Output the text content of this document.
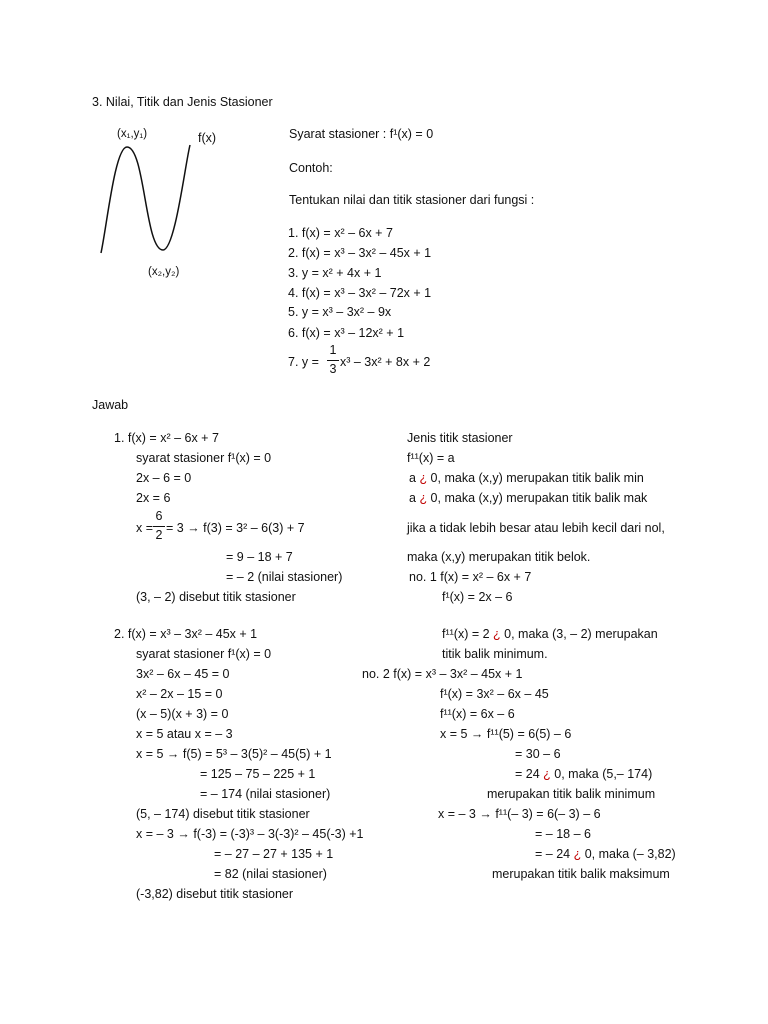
3. Nilai, Titik dan Jenis Stasioner
(x₁,y₁)	f(x)
(x₂,y₂)
Syarat stasioner : f¹(x) = 0
Contoh:
Tentukan nilai dan titik stasioner dari fungsi :
1. f(x) = x² – 6x + 7
2. f(x) = x³ – 3x² – 45x + 1
3. y = x² + 4x + 1
4. f(x) = x³ – 3x² – 72x + 1
5. y = x³ – 3x² – 9x
6. f(x) = x³ – 12x² + 1
7. y =
1
3 x³ – 3x² + 8x + 2
Jawab
1. f(x) = x² – 6x + 7
syarat stasioner f¹(x) = 0
2x – 6 = 0
2x = 6
x =
6
2 = 3 → f(3) = 3² – 6(3) + 7
= 9 – 18 + 7
= – 2 (nilai stasioner)
(3, – 2) disebut titik stasioner
Jenis titik stasioner
f¹¹(x) = a
a ¿ 0, maka (x,y) merupakan titik balik min
a ¿ 0, maka (x,y) merupakan titik balik mak
jika a tidak lebih besar atau lebih kecil dari nol,
maka (x,y) merupakan titik belok.
no. 1 f(x) = x² – 6x + 7
f¹(x) = 2x – 6
f¹¹(x) = 2 ¿ 0, maka (3, – 2) merupakan
titik balik minimum.
2. f(x) = x³ – 3x² – 45x + 1
syarat stasioner f¹(x) = 0
3x² – 6x – 45 = 0
x² – 2x – 15 = 0
(x – 5)(x + 3) = 0
x = 5 atau x = – 3
x = 5 → f(5) = 5³ – 3(5)² – 45(5) + 1
= 125 – 75 – 225 + 1
= – 174 (nilai stasioner)
(5, – 174) disebut titik stasioner
x = – 3 → f(-3) = (-3)³ – 3(-3)² – 45(-3) +1
= – 27 – 27 + 135 + 1
= 82 (nilai stasioner)
(-3,82) disebut titik stasioner
no. 2 f(x) = x³ – 3x² – 45x + 1
f¹(x) = 3x² – 6x – 45
f¹¹(x) = 6x – 6
x = 5 → f¹¹(5) = 6(5) – 6
= 30 – 6
= 24 ¿ 0, maka (5,– 174)
merupakan titik balik minimum
x = – 3 → f¹¹(– 3) = 6(– 3) – 6
= – 18 – 6
= – 24 ¿ 0, maka (– 3,82)
merupakan titik balik maksimum
